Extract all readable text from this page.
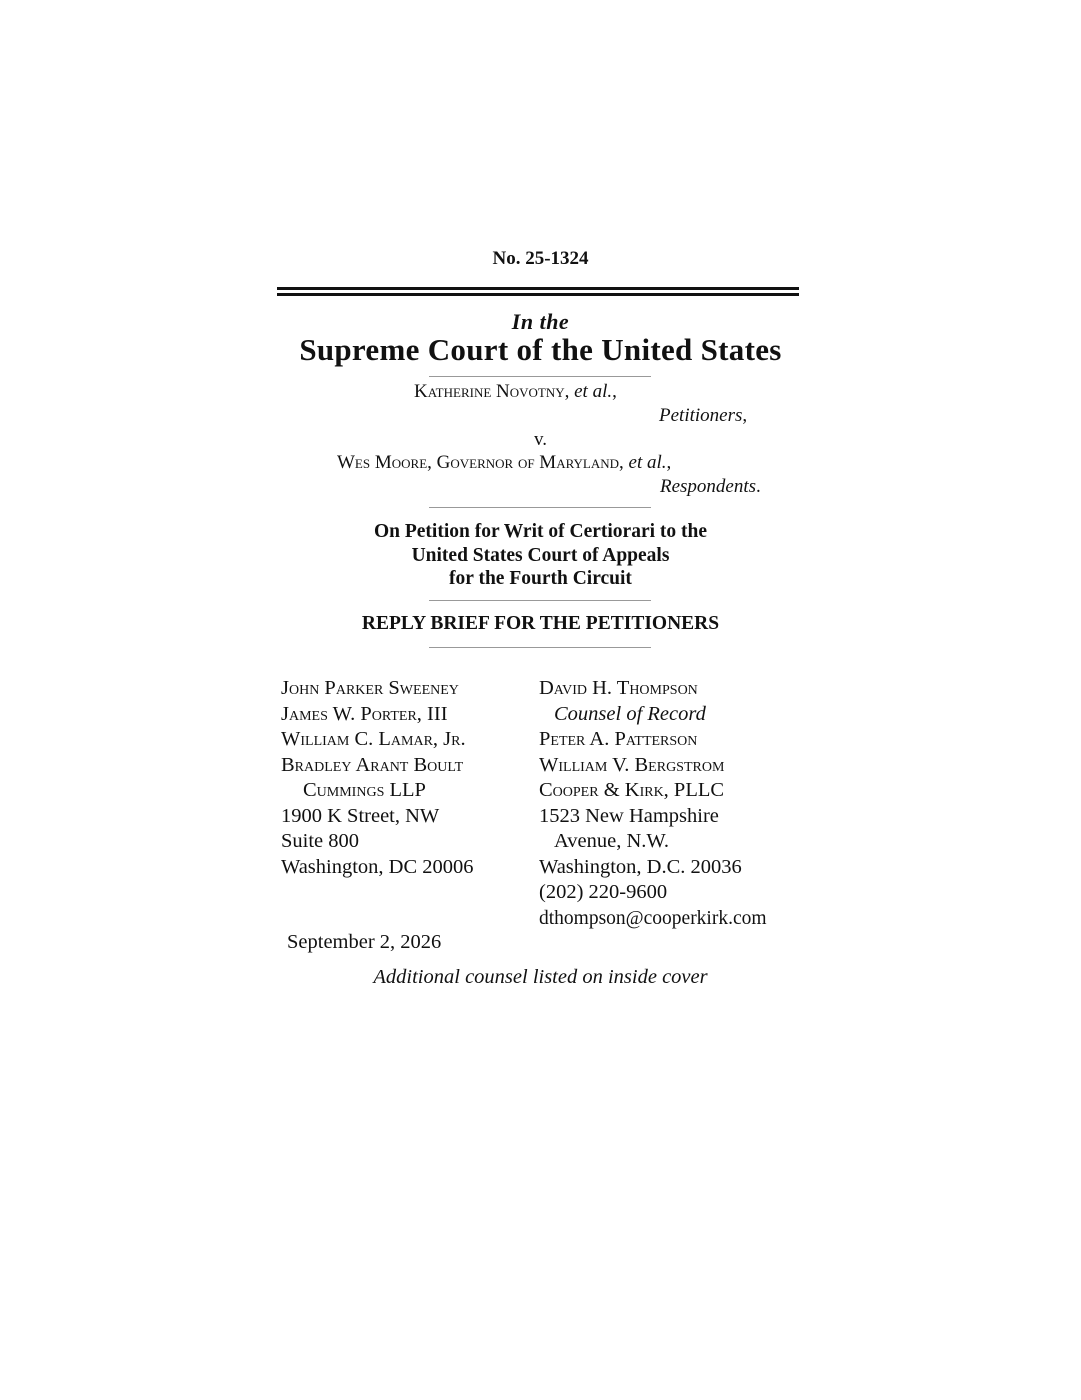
No. 25-1324
In the
Supreme Court of the United States
Katherine Novotny, et al.,
Petitioners,
v.
Wes Moore, Governor of Maryland, et al.,
Respondents.
On Petition for Writ of Certiorari to the
United States Court of Appeals
for the Fourth Circuit
REPLY BRIEF FOR THE PETITIONERS
John Parker Sweeney
James W. Porter, III
William C. Lamar, Jr.
Bradley Arant Boult
Cummings LLP
1900 K Street, NW
Suite 800
Washington, DC 20006
David H. Thompson
Counsel of Record
Peter A. Patterson
William V. Bergstrom
Cooper & Kirk, PLLC
1523 New Hampshire
Avenue, N.W.
Washington, D.C. 20036
(202) 220-9600
dthompson@cooperkirk.com
September 2, 2026
Additional counsel listed on inside cover
